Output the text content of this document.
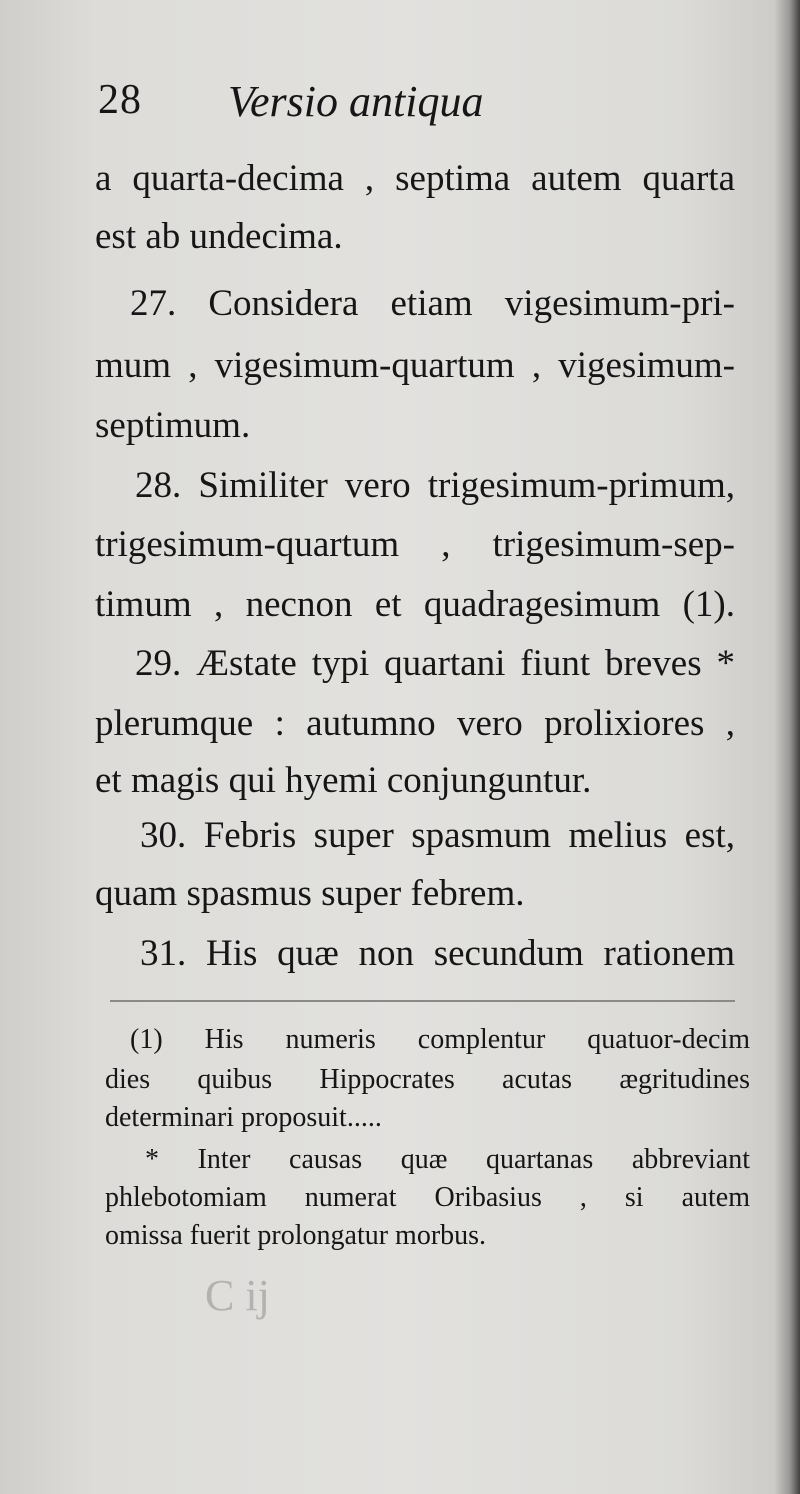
28 Versio antiqua
a quarta-decima , septima autem quarta
est ab undecima.
27. Considera etiam vigesimum-pri-
mum , vigesimum-quartum , vigesimum-
septimum.
28. Similiter vero trigesimum-primum,
trigesimum-quartum , trigesimum-sep-
timum , necnon et quadragesimum (1).
29. Æstate typi quartani fiunt breves *
plerumque : autumno vero prolixiores ,
et magis qui hyemi conjunguntur.
30. Febris super spasmum melius est,
quam spasmus super febrem.
31. His quæ non secundum rationem
(1) His numeris complentur quatuor-decim
dies quibus Hippocrates acutas ægritudines
determinari proposuit.....
* Inter causas quæ quartanas abbreviant
phlebotomiam numerat Oribasius , si autem
omissa fuerit prolongatur morbus.
C ij
